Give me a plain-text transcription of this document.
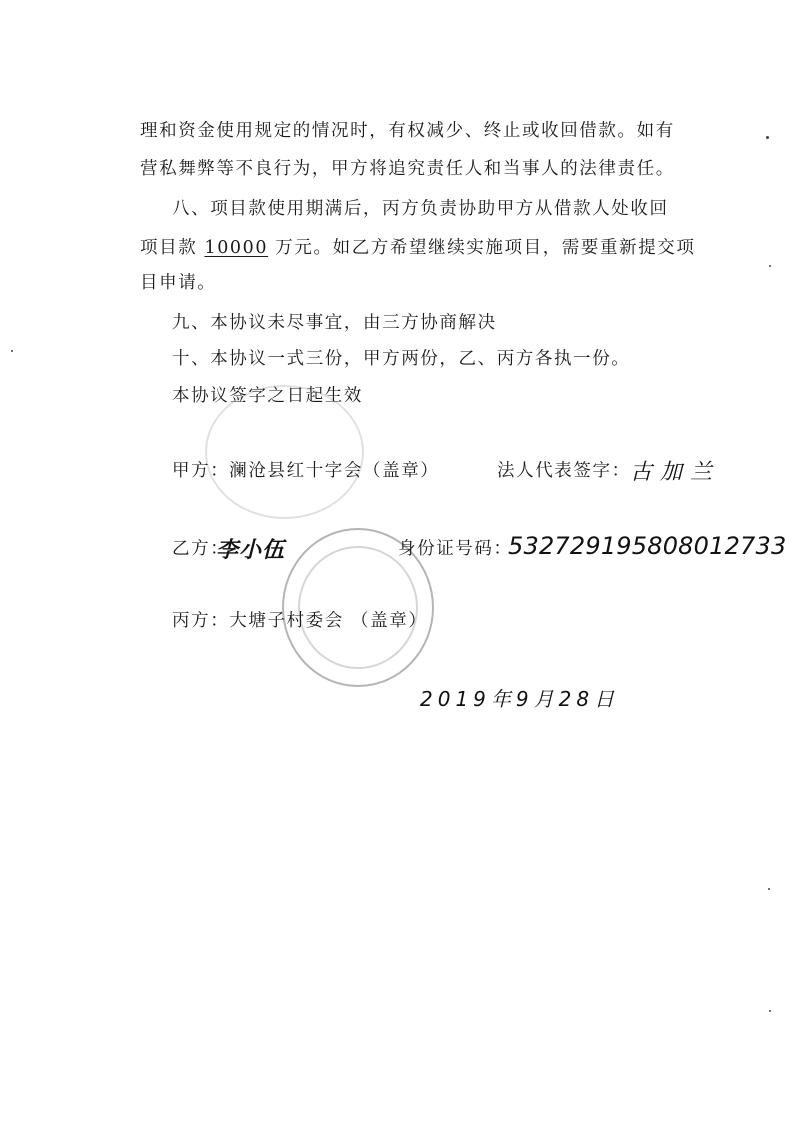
理和资金使用规定的情况时，有权减少、终止或收回借款。如有
营私舞弊等不良行为，甲方将追究责任人和当事人的法律责任。
八、项目款使用期满后，丙方负责协助甲方从借款人处收回
项目款 10000 万元。如乙方希望继续实施项目，需要重新提交项
目申请。
九、本协议未尽事宜，由三方协商解决
十、本协议一式三份，甲方两份，乙、丙方各执一份。
本协议签字之日起生效
甲方：澜沧县红十字会（盖章）	法人代表签字： 古加兰
乙方：
李小伍	身份证号码：
532729195808012733
丙方：大塘子村委会 （盖章）
2019年9月28日
